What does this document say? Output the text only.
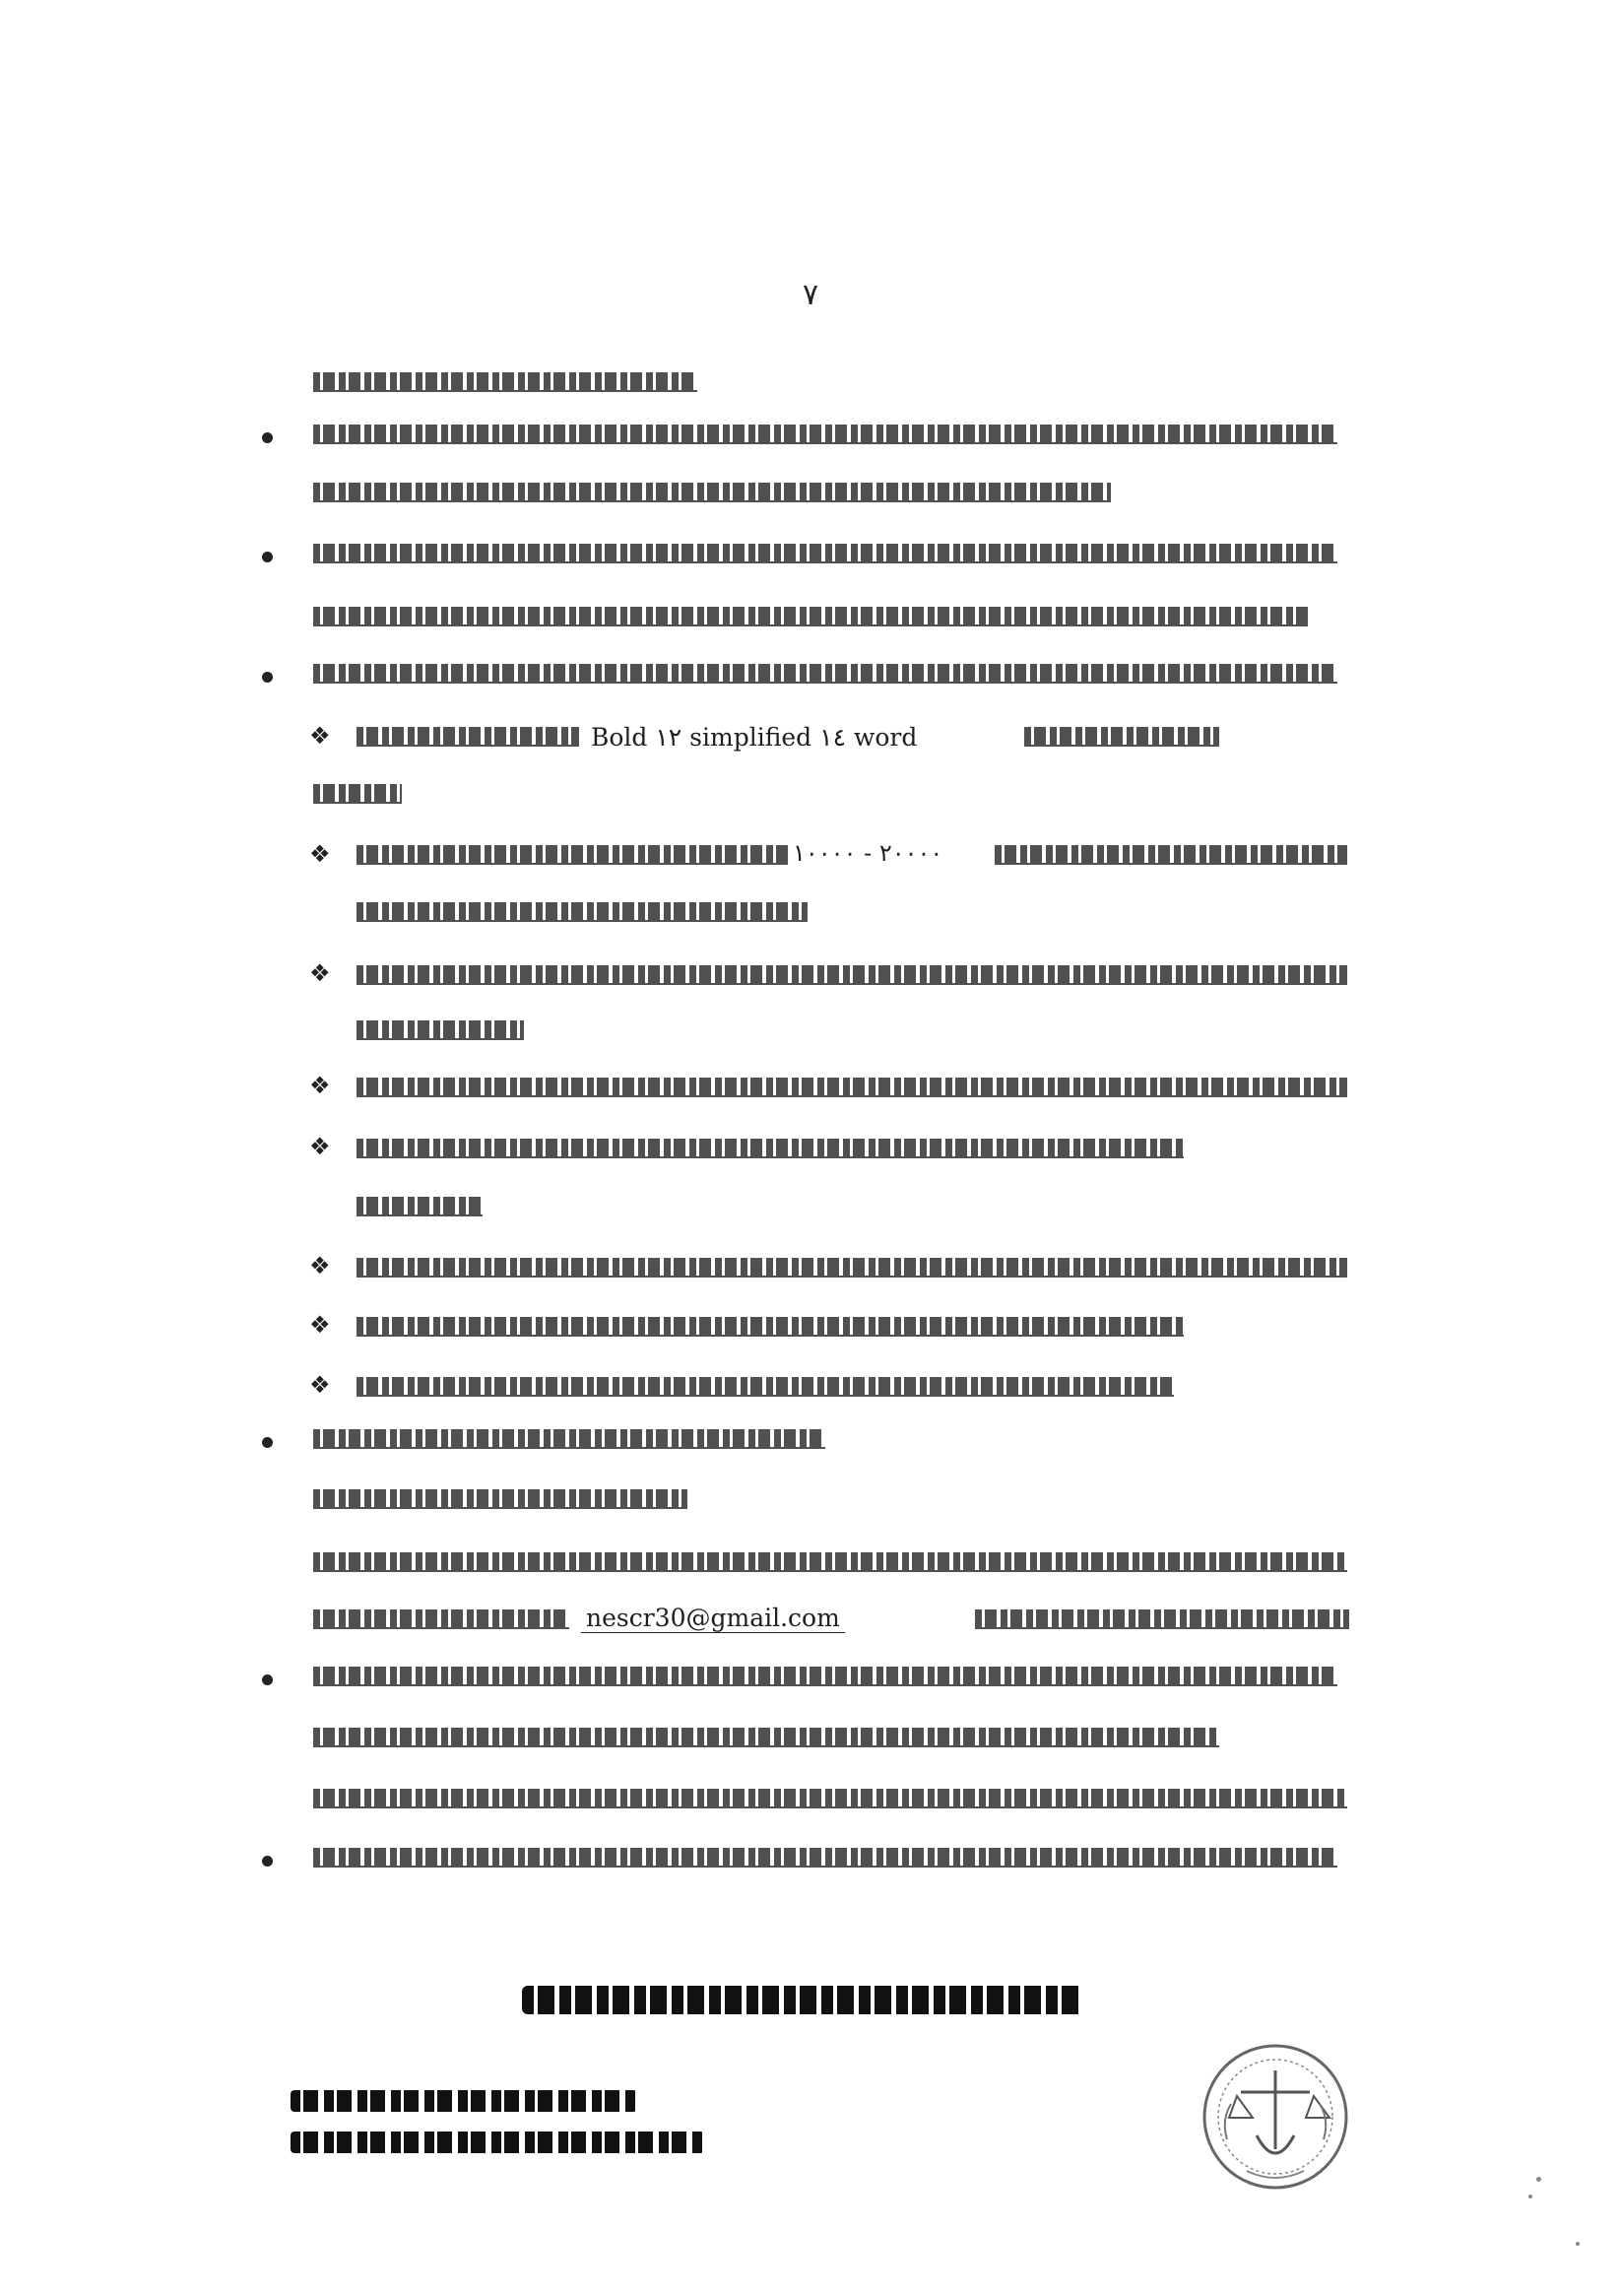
٧
❖	Bold ١٢ simplified ١٤ word
❖	٢٠٠٠٠ - ١٠٠٠٠
❖
❖
❖
❖
❖
❖
nescr30@gmail.com
